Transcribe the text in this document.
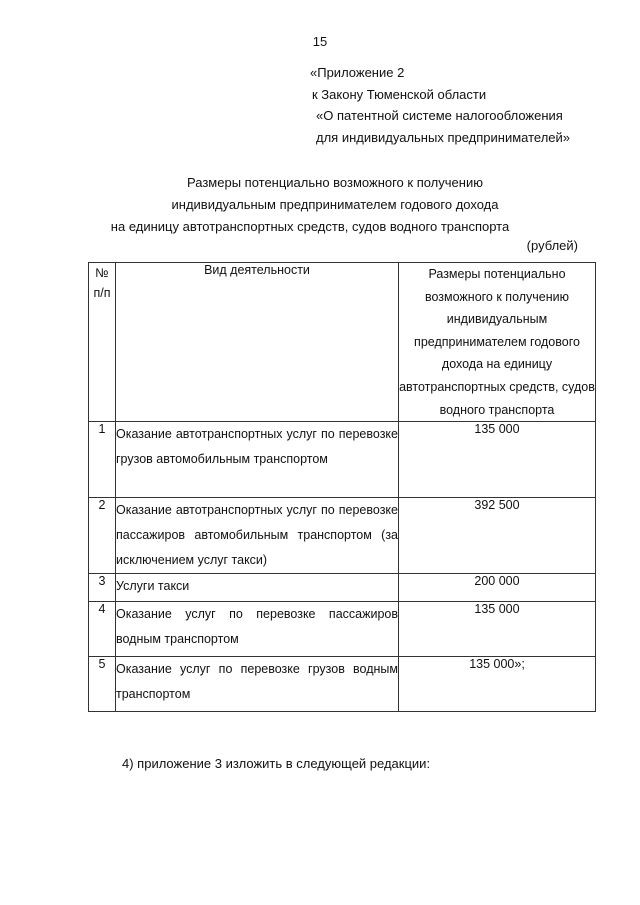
15
«Приложение 2
к Закону Тюменской области
«О патентной системе налогообложения
для индивидуальных предпринимателей»
Размеры потенциально возможного к получению
индивидуальным предпринимателем годового дохода
на единицу автотранспортных средств, судов водного транспорта
(рублей)
№ п/п	Вид деятельности	Размеры потенциально возможного к получению индивидуальным предпринимателем годового дохода на единицу автотранспортных средств, судов водного транспорта
1	Оказание автотранспортных услуг по перевозке грузов автомобильным транспортом	135 000
2	Оказание автотранспортных услуг по перевозке пассажиров автомобильным транспортом (за исключением услуг такси)	392 500
3	Услуги такси	200 000
4	Оказание услуг по перевозке пассажиров водным транспортом	135 000
5	Оказание услуг по перевозке грузов водным транспортом	135 000»;
4) приложение 3 изложить в следующей редакции:
